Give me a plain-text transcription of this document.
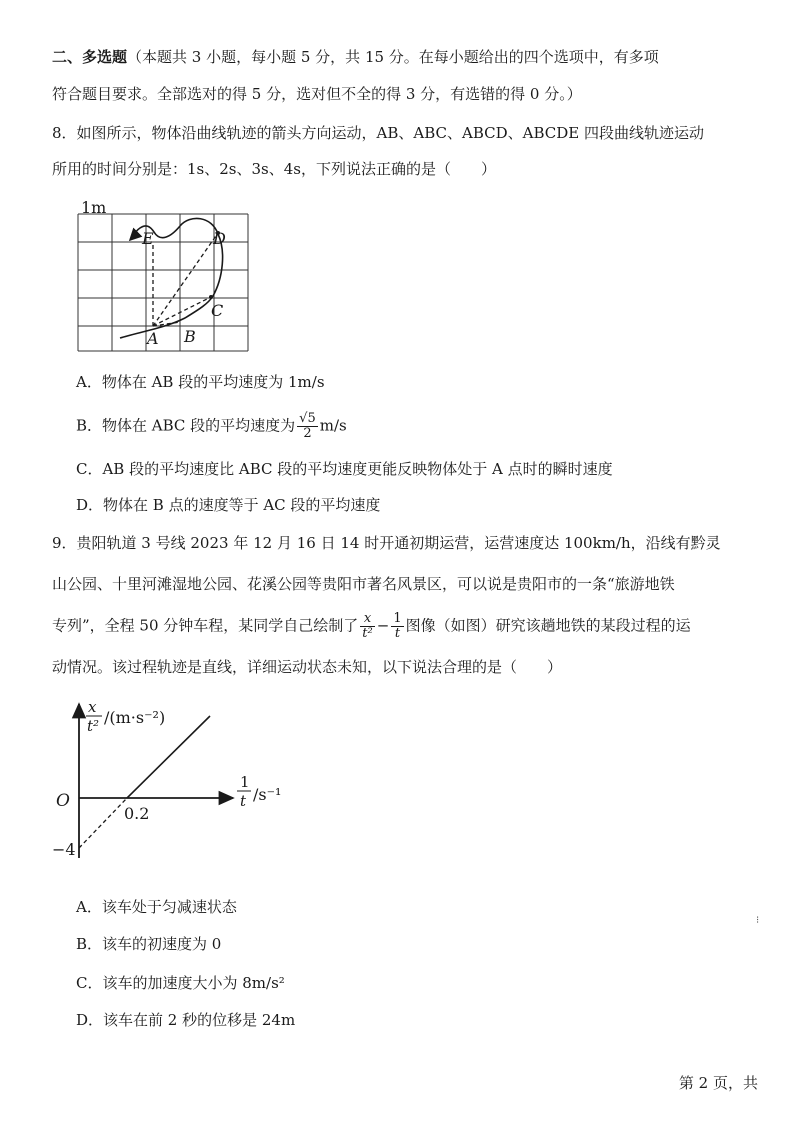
二、多选题（本题共 3 小题，每小题 5 分，共 15 分。在每小题给出的四个选项中，有多项
符合题目要求。全部选对的得 5 分，选对但不全的得 3 分，有选错的得 0 分。）
8．如图所示，物体沿曲线轨迹的箭头方向运动，AB、ABC、ABCD、ABCDE 四段曲线轨迹运动
所用的时间分别是：1s、2s、3s、4s，下列说法正确的是（　　）
1m
A B
C
D
E
A．物体在 AB 段的平均速度为 1m/s
B．物体在 ABC 段的平均速度为 $\frac{√5}{2} m/s$
C．AB 段的平均速度比 ABC 段的平均速度更能反映物体处于 A 点时的瞬时速度
D．物体在 B 点的速度等于 AC 段的平均速度
9．贵阳轨道 3 号线 2023 年 12 月 16 日 14 时开通初期运营，运营速度达 100km/h，沿线有黔灵
山公园、十里河滩湿地公园、花溪公园等贵阳市著名风景区，可以说是贵阳市的一条“旅游地铁
专列”，全程 50 分钟车程，某同学自己绘制了 $\frac{x}{\text{t²}} - \frac{1}{t}$ 图像（如图）研究该趟地铁的某段过程的运
动情况。该过程轨迹是直线，详细运动状态未知，以下说法合理的是（　　）
x
t² /(m·s⁻²)
1
t /s⁻¹
O
0.2
−4
A．该车处于匀减速状态
B．该车的初速度为 0
C．该车的加速度大小为 8m/s²
D．该车在前 2 秒的位移是 24m
⁝
第 2 页，共
